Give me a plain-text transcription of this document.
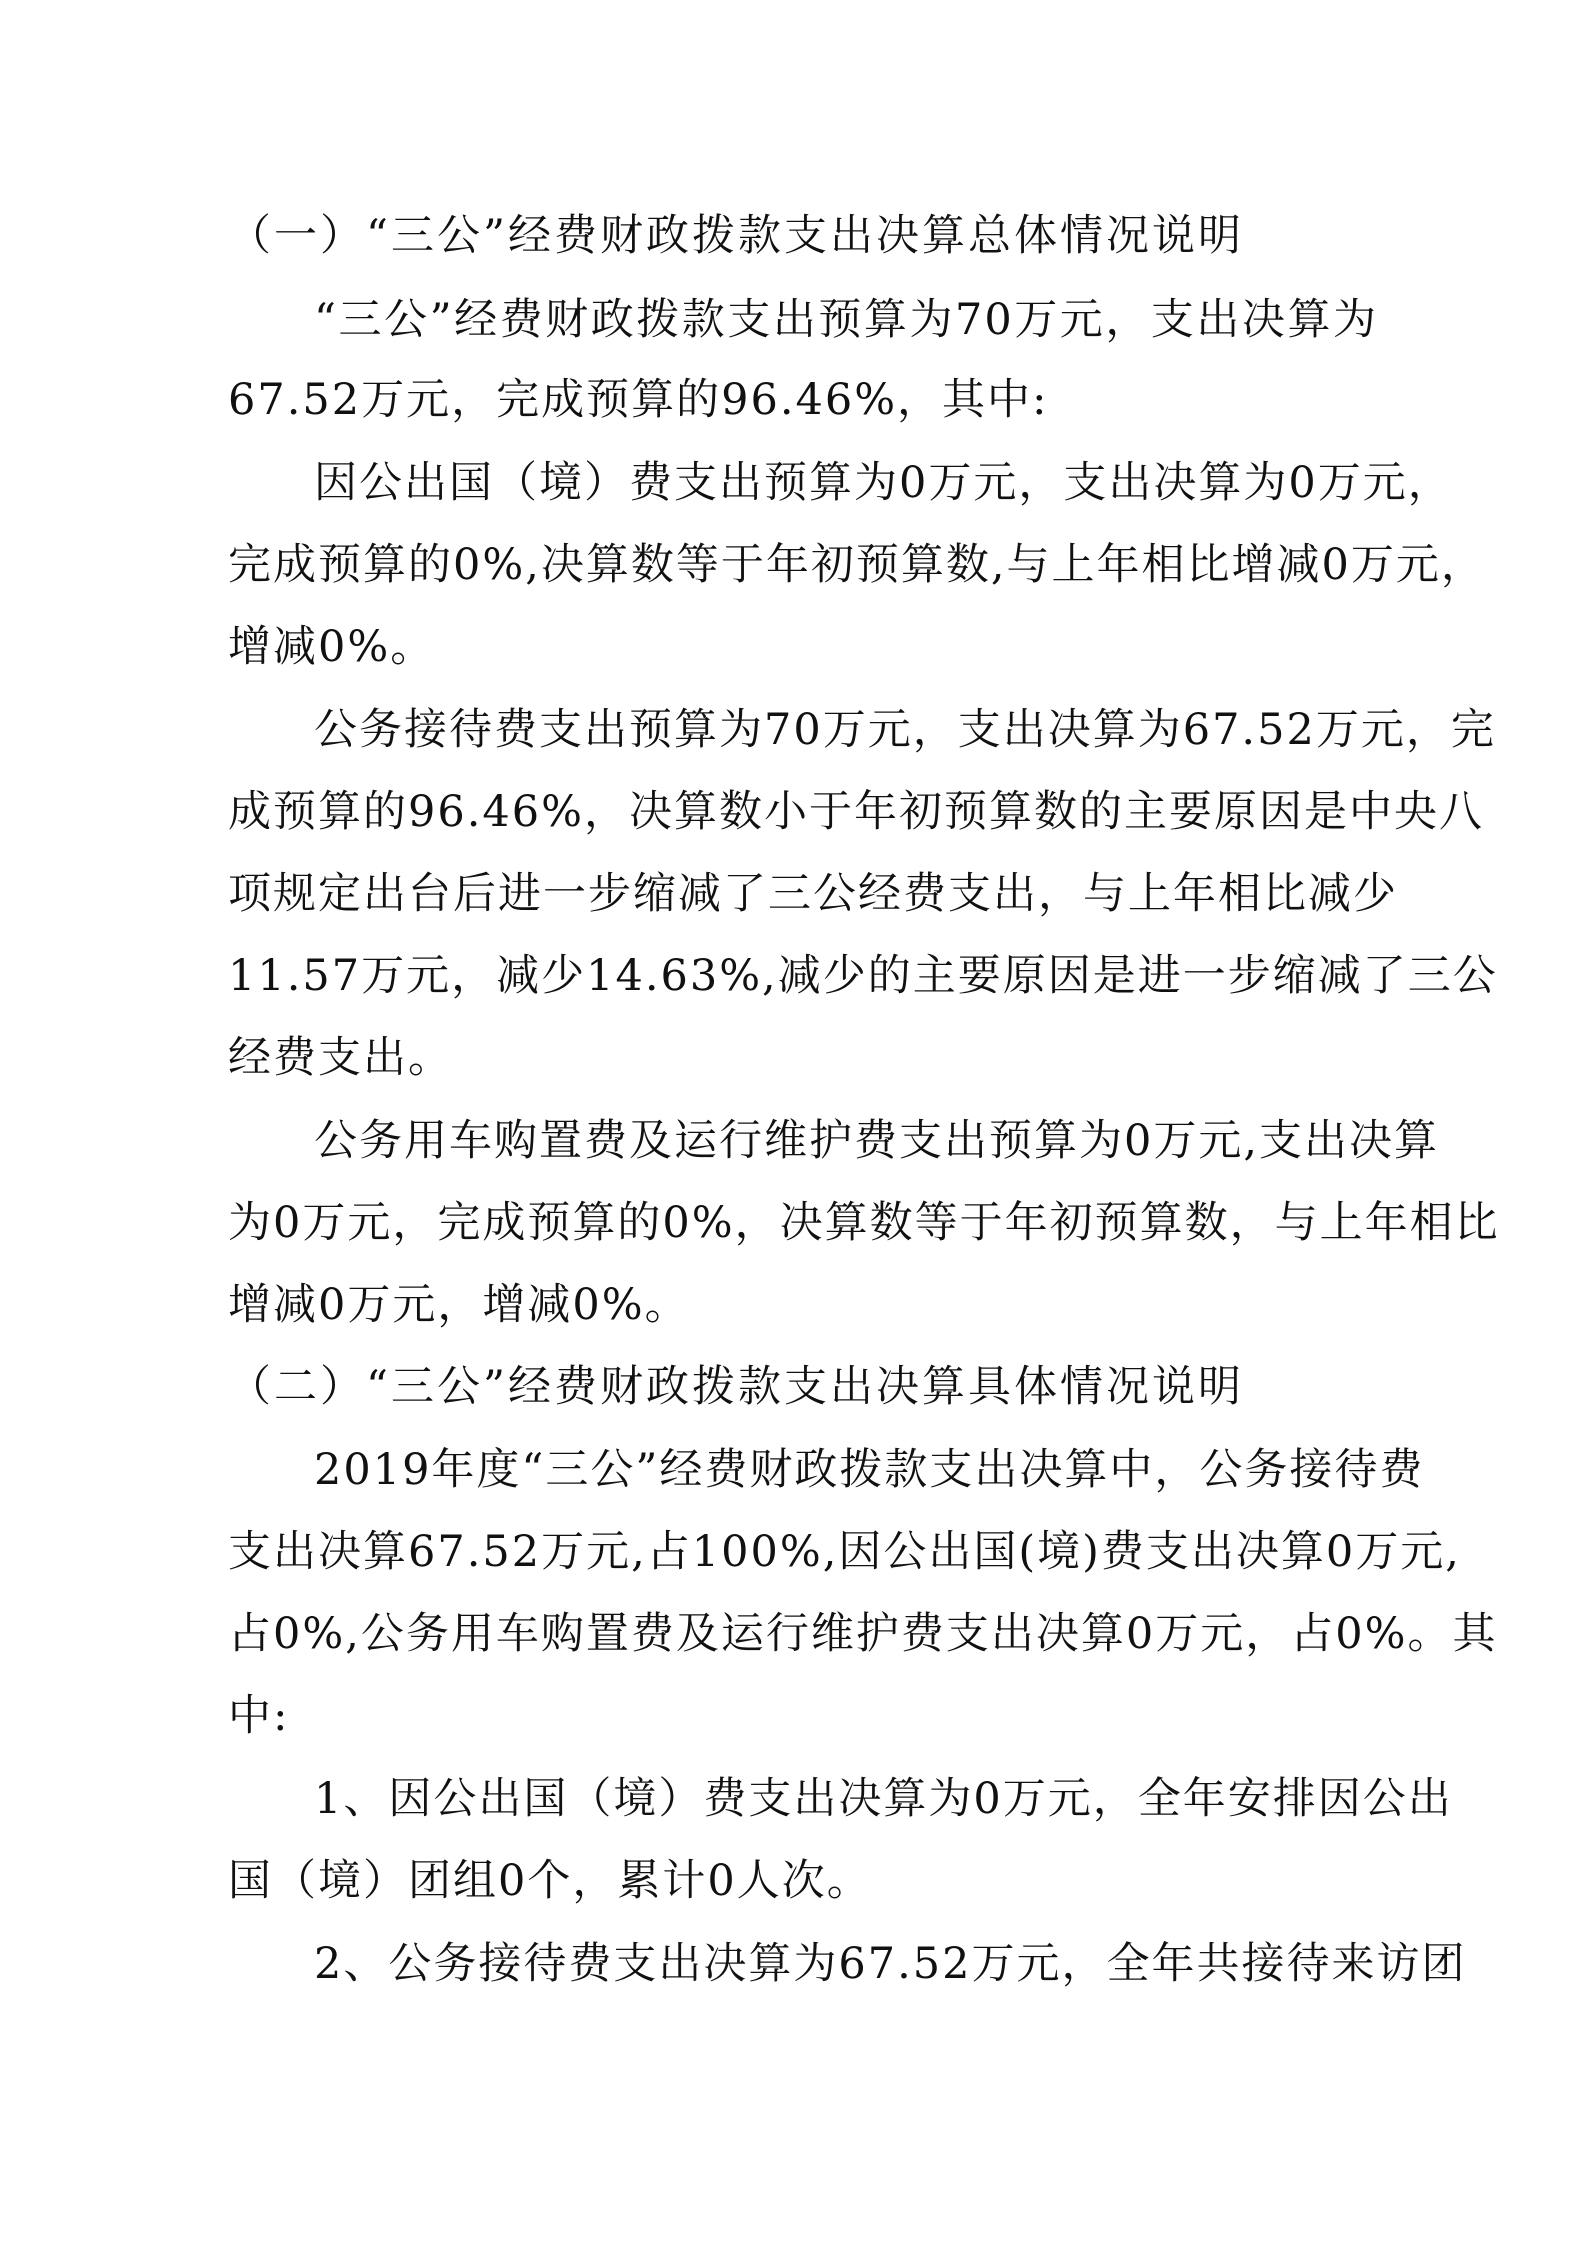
（一）“三公”经费财政拨款支出决算总体情况说明
“三公”经费财政拨款支出预算为70万元，支出决算为
67.52万元，完成预算的96.46%，其中:
因公出国（境）费支出预算为0万元，支出决算为0万元，
完成预算的0%,决算数等于年初预算数,与上年相比增减0万元，
增减0%。
公务接待费支出预算为70万元，支出决算为67.52万元，完
成预算的96.46%，决算数小于年初预算数的主要原因是中央八
项规定出台后进一步缩减了三公经费支出，与上年相比减少
11.57万元，减少14.63%,减少的主要原因是进一步缩减了三公
经费支出。
公务用车购置费及运行维护费支出预算为0万元,支出决算
为0万元，完成预算的0%，决算数等于年初预算数，与上年相比
增减0万元，增减0%。
（二）“三公”经费财政拨款支出决算具体情况说明
2019年度“三公”经费财政拨款支出决算中，公务接待费
支出决算67.52万元,占100%,因公出国(境)费支出决算0万元,
占0%,公务用车购置费及运行维护费支出决算0万元，占0%。其
中:
1、因公出国（境）费支出决算为0万元，全年安排因公出
国（境）团组0个，累计0人次。
2、公务接待费支出决算为67.52万元，全年共接待来访团
